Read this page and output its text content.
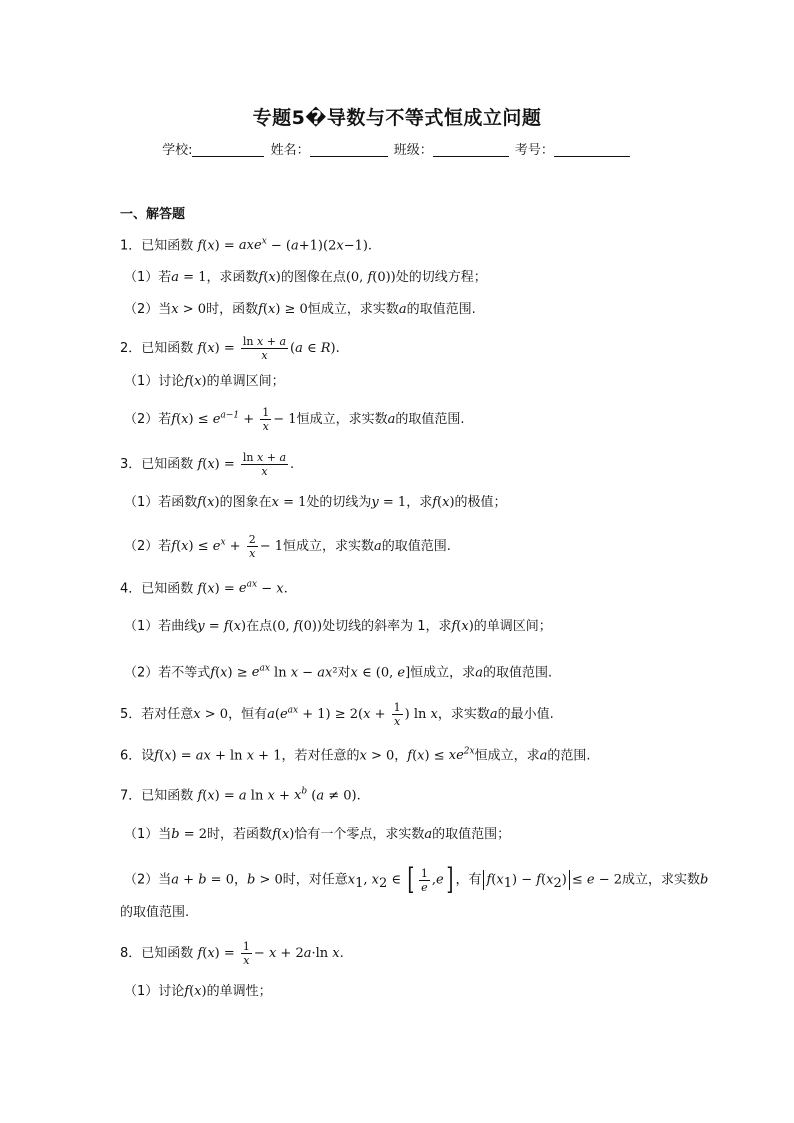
专题5�导数与不等式恒成立问题
学校:	姓名：	班级：	考号：
一、解答题
1．已知函数 f(x) = axe$^x$ − (a+1)(2x−1).
（1）若a = 1，求函数f(x)的图像在点(0, f(0))处的切线方程；
（2）当x > 0时，函数f(x) ≥ 0恒成立，求实数a的取值范围.
2．已知函数 $f(x) = \frac{\text{ln x + a}}{x} (a$ ∈ R).
（1）讨论f(x)的单调区间；
（2）若$f(x) \le e^{a-1} + \frac{1}{x} - 1$恒成立，求实数a的取值范围.
3．已知函数 $f(x) = \frac{\text{ln x + a}}{x}$ .
（1）若函数f(x)的图象在x = 1处的切线为y = 1，求f(x)的极值；
（2）若$f(x) \le e^x + \frac{2}{x} - 1$恒成立，求实数a的取值范围.
4．已知函数 $f(x) = e^{ax} - x$.
（1）若曲线y = f(x)在点(0, f(0))处切线的斜率为 1，求f(x)的单调区间；
（2）若不等式$f(x) \ge e^{ax}$ ln x − ax²对x ∈ (0, e]恒成立，求a的取值范围.
5．若对任意x > 0，恒有$a(e^{ax} + 1) \ge 2(x + \frac{1}{x}$ ) ln x，求实数a的最小值.
6．设f(x) = ax + ln x + 1，若对任意的x > 0，$f(x) \le xe^{2x}$恒成立，求a的范围.
7．已知函数 f(x) = a $\ln x + x^b$ (a ≠ 0).
（1）当b = 2时，若函数f(x)恰有一个零点，求实数a的取值范围；
（2）当a + b = 0，b > 0时，对任意$x_1$, $x_2$ ∈ [ $\frac{1}{e} ,e$] ，有 $f(x_1) - f(x_2) \le e - 2$成立，求实数b
的取值范围.
8．已知函数 $f(x) = \frac{1}{x} - x + 2a\cdot\ln$ x.
（1）讨论f(x)的单调性；
